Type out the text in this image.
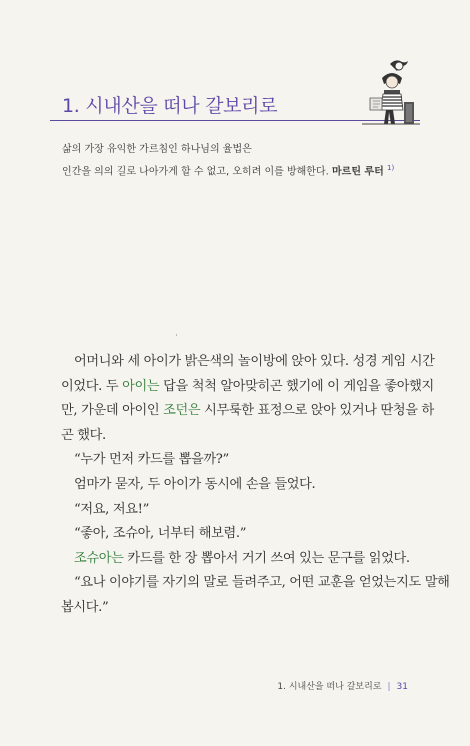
1. 시내산을 떠나 갈보리로
삶의 가장 유익한 가르침인 하나님의 율법은
인간을 의의 길로 나아가게 할 수 없고, 오히려 이를 방해한다. 마르틴 루터 $^{1)}$
어머니와 세 아이가 밝은색의 놀이방에 앉아 있다. 성경 게임 시간
이었다. 두 아이는 답을 척척 알아맞히곤 했기에 이 게임을 좋아했지
만, 가운데 아이인 조던은 시무룩한 표정으로 앉아 있거나 딴청을 하
곤 했다.
“누가 먼저 카드를 뽑을까?”
엄마가 묻자, 두 아이가 동시에 손을 들었다.
“저요, 저요!”
“좋아, 조슈아, 너부터 해보렴.”
조슈아는 카드를 한 장 뽑아서 거기 쓰여 있는 문구를 읽었다.
“요나 이야기를 자기의 말로 들려주고, 어떤 교훈을 얻었는지도 말해
봅시다.”
1. 시내산을 떠나 갈보리로 | 31
